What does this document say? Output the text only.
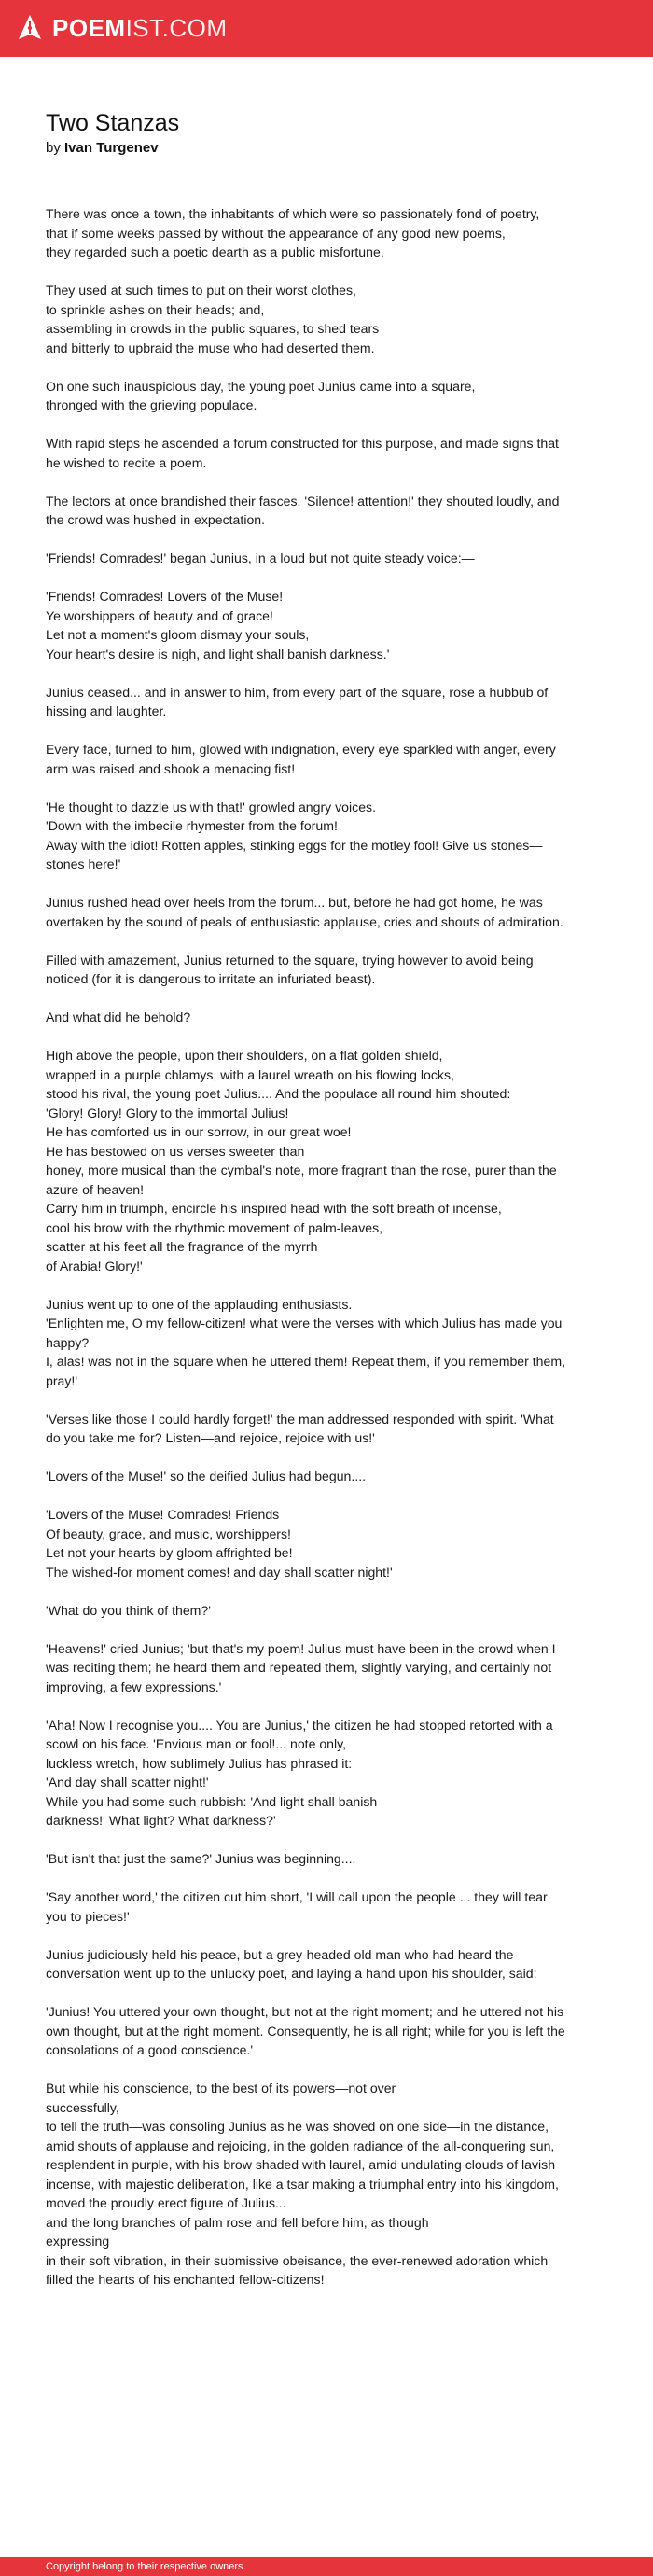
POEMIST.COM
Two Stanzas
by Ivan Turgenev
There was once a town, the inhabitants of which were so passionately fond of poetry,
that if some weeks passed by without the appearance of any good new poems,
they regarded such a poetic dearth as a public misfortune.
They used at such times to put on their worst clothes,
to sprinkle ashes on their heads; and,
assembling in crowds in the public squares, to shed tears
and bitterly to upbraid the muse who had deserted them.
On one such inauspicious day, the young poet Junius came into a square,
thronged with the grieving populace.
With rapid steps he ascended a forum constructed for this purpose, and made signs that he wished to recite a poem.
The lectors at once brandished their fasces. 'Silence! attention!' they shouted loudly, and the crowd was hushed in expectation.
'Friends! Comrades!' began Junius, in a loud but not quite steady voice:—
'Friends! Comrades! Lovers of the Muse!
Ye worshippers of beauty and of grace!
Let not a moment's gloom dismay your souls,
Your heart's desire is nigh, and light shall banish darkness.'
Junius ceased... and in answer to him, from every part of the square, rose a hubbub of hissing and laughter.
Every face, turned to him, glowed with indignation, every eye sparkled with anger, every arm was raised and shook a menacing fist!
'He thought to dazzle us with that!' growled angry voices.
'Down with the imbecile rhymester from the forum!
Away with the idiot! Rotten apples, stinking eggs for the motley fool! Give us stones—stones here!'
Junius rushed head over heels from the forum... but, before he had got home, he was overtaken by the sound of peals of enthusiastic applause, cries and shouts of admiration.
Filled with amazement, Junius returned to the square, trying however to avoid being noticed (for it is dangerous to irritate an infuriated beast).
And what did he behold?
High above the people, upon their shoulders, on a flat golden shield,
wrapped in a purple chlamys, with a laurel wreath on his flowing locks,
stood his rival, the young poet Julius.... And the populace all round him shouted:
'Glory! Glory! Glory to the immortal Julius!
He has comforted us in our sorrow, in our great woe!
He has bestowed on us verses sweeter than
honey, more musical than the cymbal's note, more fragrant than the rose, purer than the azure of heaven!
Carry him in triumph, encircle his inspired head with the soft breath of incense,
cool his brow with the rhythmic movement of palm-leaves,
scatter at his feet all the fragrance of the myrrh
of Arabia! Glory!'
Junius went up to one of the applauding enthusiasts.
'Enlighten me, O my fellow-citizen! what were the verses with which Julius has made you happy?
I, alas! was not in the square when he uttered them! Repeat them, if you remember them, pray!'
'Verses like those I could hardly forget!' the man addressed responded with spirit. 'What do you take me for? Listen—and rejoice, rejoice with us!'
'Lovers of the Muse!' so the deified Julius had begun....
'Lovers of the Muse! Comrades! Friends
Of beauty, grace, and music, worshippers!
Let not your hearts by gloom affrighted be!
The wished-for moment comes! and day shall scatter night!'
'What do you think of them?'
'Heavens!' cried Junius; 'but that's my poem! Julius must have been in the crowd when I was reciting them; he heard them and repeated them, slightly varying, and certainly not improving, a few expressions.'
'Aha! Now I recognise you.... You are Junius,' the citizen he had stopped retorted with a scowl on his face. 'Envious man or fool!... note only,
luckless wretch, how sublimely Julius has phrased it:
'And day shall scatter night!'
While you had some such rubbish: 'And light shall banish
darkness!' What light? What darkness?'
'But isn't that just the same?' Junius was beginning....
'Say another word,' the citizen cut him short, 'I will call upon the people ... they will tear you to pieces!'
Junius judiciously held his peace, but a grey-headed old man who had heard the conversation went up to the unlucky poet, and laying a hand upon his shoulder, said:
'Junius! You uttered your own thought, but not at the right moment; and he uttered not his own thought, but at the right moment. Consequently, he is all right; while for you is left the consolations of a good conscience.'
But while his conscience, to the best of its powers—not over
successfully,
to tell the truth—was consoling Junius as he was shoved on one side—in the distance, amid shouts of applause and rejoicing, in the golden radiance of the all-conquering sun, resplendent in purple, with his brow shaded with laurel, amid undulating clouds of lavish incense, with majestic deliberation, like a tsar making a triumphal entry into his kingdom, moved the proudly erect figure of Julius...
and the long branches of palm rose and fell before him, as though
expressing
in their soft vibration, in their submissive obeisance, the ever-renewed adoration which filled the hearts of his enchanted fellow-citizens!
Copyright belong to their respective owners.
